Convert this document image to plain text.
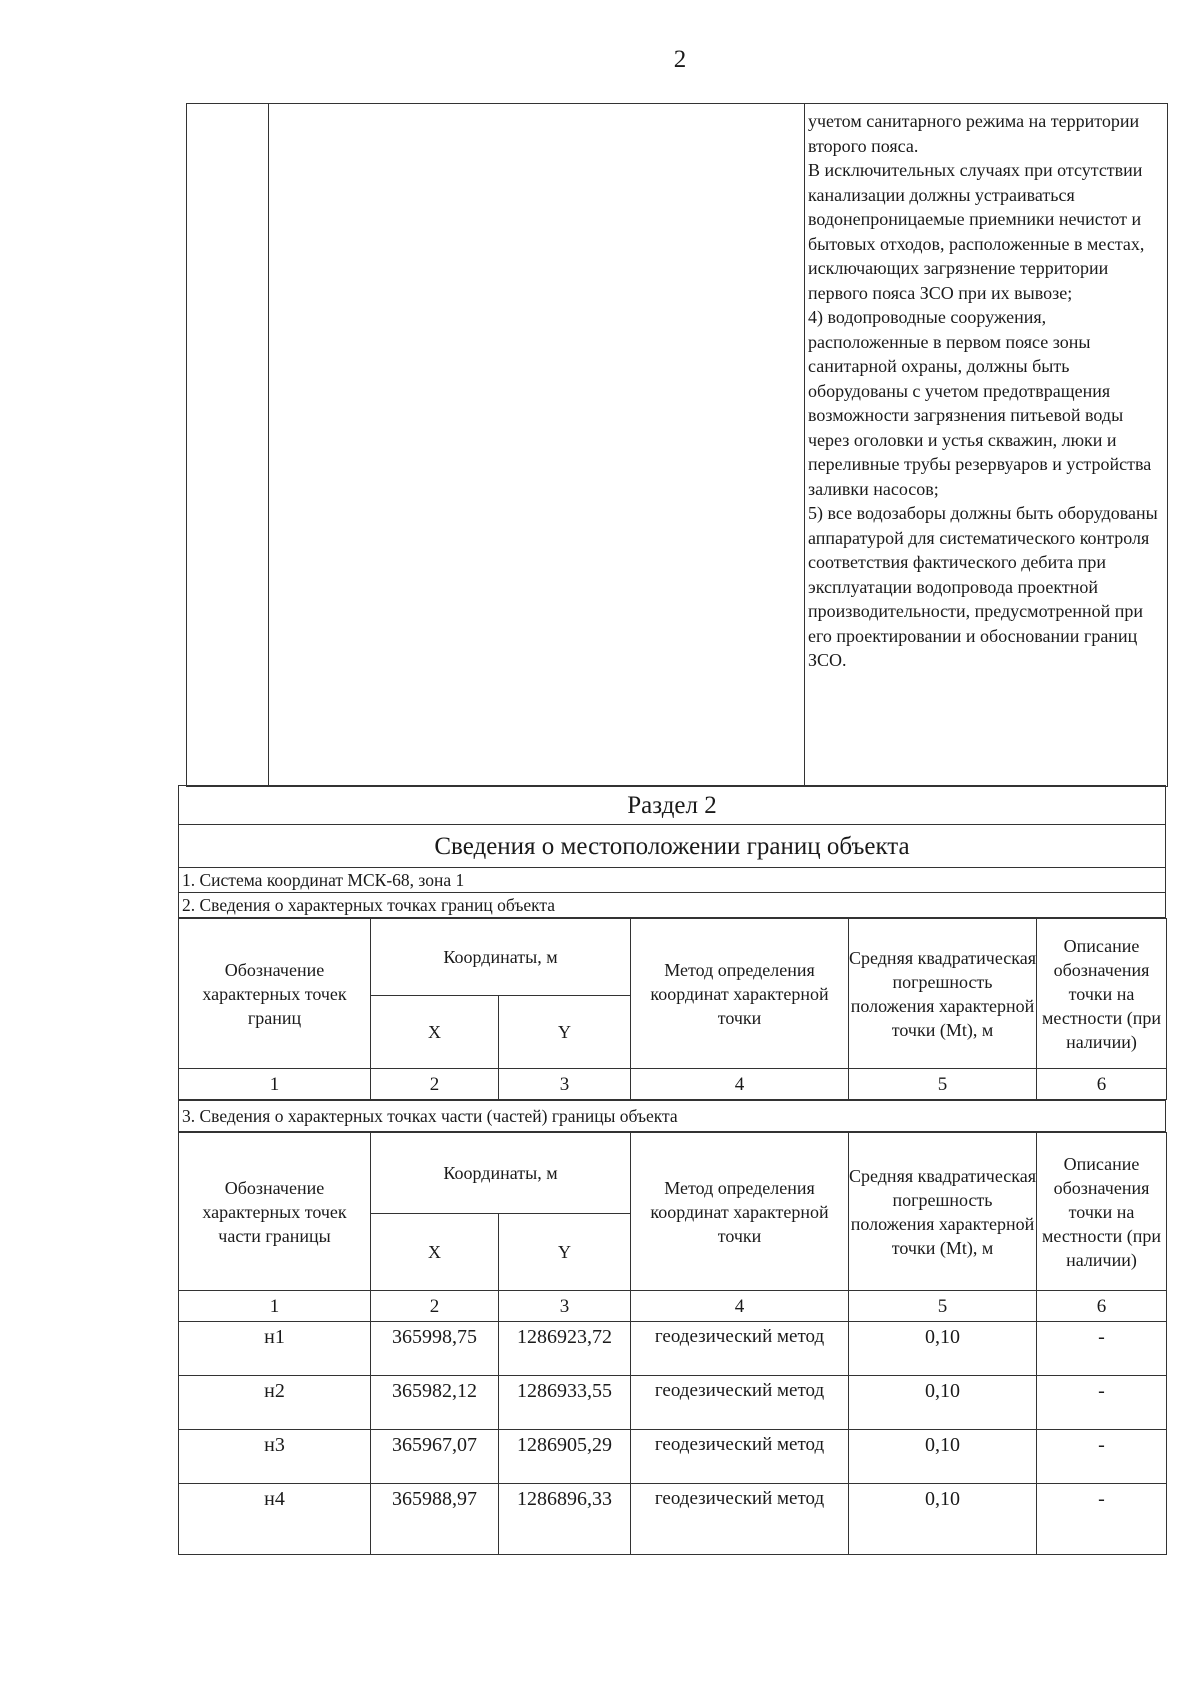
2

учетом санитарного режима на территории второго пояса.

В исключительных случаях при отсутствии канализации должны устраиваться водонепроницаемые приемники нечистот и бытовых отходов, расположенные в местах, исключающих загрязнение территории первого пояса ЗСО при их вывозе;

4) водопроводные сооружения, расположенные в первом поясе зоны санитарной охраны, должны быть оборудованы с учетом предотвращения возможности загрязнения питьевой воды через оголовки и устья скважин, люки и переливные трубы резервуаров и устройства заливки насосов;

5) все водозаборы должны быть оборудованы аппаратурой для систематического контроля соответствия фактического дебита при эксплуатации водопровода проектной производительности, предусмотренной при его проектировании и обосновании границ ЗСО.

Раздел 2
Сведения о местоположении границ объекта
1. Система координат МСК-68, зона 1
2. Сведения о характерных точках границ объекта
Обозначение характерных точек границ	Координаты, м		Метод определения координат характерной точки	Средняя квадратическая погрешность положения характерной точки (Mt), м	Описание обозначения точки на местности (при наличии)
	X	Y			
1	2	3	4	5	6
3. Сведения о характерных точках части (частей) границы объекта
Обозначение характерных точек части границы	Координаты, м		Метод определения координат характерной точки	Средняя квадратическая погрешность положения характерной точки (Mt), м	Описание обозначения точки на местности (при наличии)
	X	Y			
1	2	3	4	5	6
н1	365998,75	1286923,72	геодезический метод	0,10	-
н2	365982,12	1286933,55	геодезический метод	0,10	-
н3	365967,07	1286905,29	геодезический метод	0,10	-
н4	365988,97	1286896,33	геодезический метод	0,10	-
